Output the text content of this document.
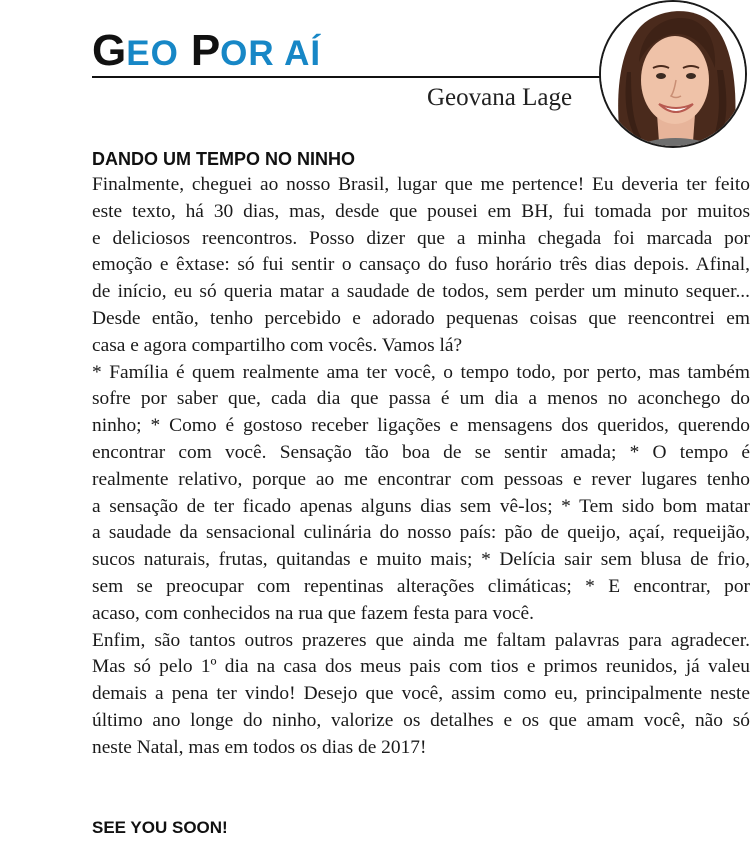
GEO POR AÍ
Geovana Lage
DANDO UM TEMPO NO NINHO
Finalmente, cheguei ao nosso Brasil, lugar que me pertence! Eu deveria ter feito
este texto, há 30 dias, mas, desde que pousei em BH, fui tomada por muitos
e deliciosos reencontros. Posso dizer que a minha chegada foi marcada por
emoção e êxtase: só fui sentir o cansaço do fuso horário três dias depois. Afinal,
de início, eu só queria matar a saudade de todos, sem perder um minuto sequer...
Desde então, tenho percebido e adorado pequenas coisas que reencontrei em
casa e agora compartilho com vocês. Vamos lá?
* Família é quem realmente ama ter você, o tempo todo, por perto, mas também
sofre por saber que, cada dia que passa é um dia a menos no aconchego do
ninho; * Como é gostoso receber ligações e mensagens dos queridos, querendo
encontrar com você. Sensação tão boa de se sentir amada; * O tempo é
realmente relativo, porque ao me encontrar com pessoas e rever lugares tenho
a sensação de ter ficado apenas alguns dias sem vê-los; * Tem sido bom matar
a saudade da sensacional culinária do nosso país: pão de queijo, açaí, requeijão,
sucos naturais, frutas, quitandas e muito mais; * Delícia sair sem blusa de frio,
sem se preocupar com repentinas alterações climáticas; * E encontrar, por
acaso, com conhecidos na rua que fazem festa para você.
Enfim, são tantos outros prazeres que ainda me faltam palavras para agradecer.
Mas só pelo 1º dia na casa dos meus pais com tios e primos reunidos, já valeu
demais a pena ter vindo! Desejo que você, assim como eu, principalmente neste
último ano longe do ninho, valorize os detalhes e os que amam você, não só
neste Natal, mas em todos os dias de 2017!
SEE YOU SOON!
